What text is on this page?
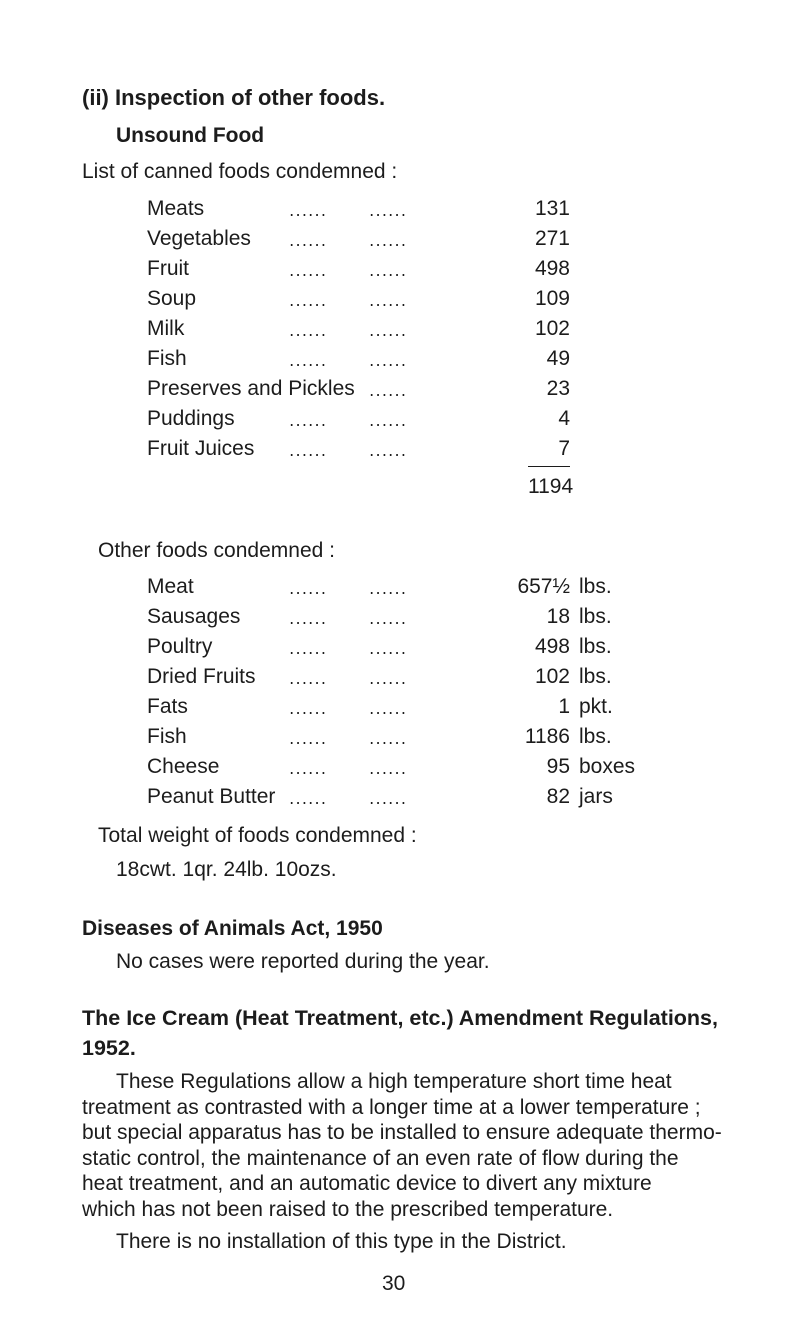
(ii) Inspection of other foods.
Unsound Food
List of canned foods condemned :
Meats	․․․․․․	․․․․․․	131
Vegetables ․․․․․․	․․․․․․	271
Fruit	․․․․․․	․․․․․․	498
Soup	․․․․․․	․․․․․․	109
Milk	․․․․․․	․․․․․․	102
Fish	․․․․․․	․․․․․․	49
Preserves and Pickles ․․․․․․	23
Puddings	․․․․․․	․․․․․․	4
Fruit Juices ․․․․․․	․․․․․․	7
1194
Other foods condemned :
Meat	․․․․․․	․․․․․․	657½ lbs.
Sausages	․․․․․․	․․․․․․	18 lbs.
Poultry	․․․․․․	․․․․․․	498 lbs.
Dried Fruits ․․․․․․	․․․․․․	102 lbs.
Fats	․․․․․․	․․․․․․	1 pkt.
Fish	․․․․․․	․․․․․․	1186 lbs.
Cheese	․․․․․․	․․․․․․	95 boxes
Peanut Butter ․․․․․․	․․․․․․	82 jars
Total weight of foods condemned :
18cwt. 1qr. 24lb. 10ozs.
Diseases of Animals Act, 1950
No cases were reported during the year.
The Ice Cream (Heat Treatment, etc.) Amendment Regulations,
1952.
These Regulations allow a high temperature short time heat
treatment as contrasted with a longer time at a lower temperature ;
but special apparatus has to be installed to ensure adequate thermo-
static control, the maintenance of an even rate of flow during the
heat treatment, and an automatic device to divert any mixture
which has not been raised to the prescribed temperature.
There is no installation of this type in the District.
30
